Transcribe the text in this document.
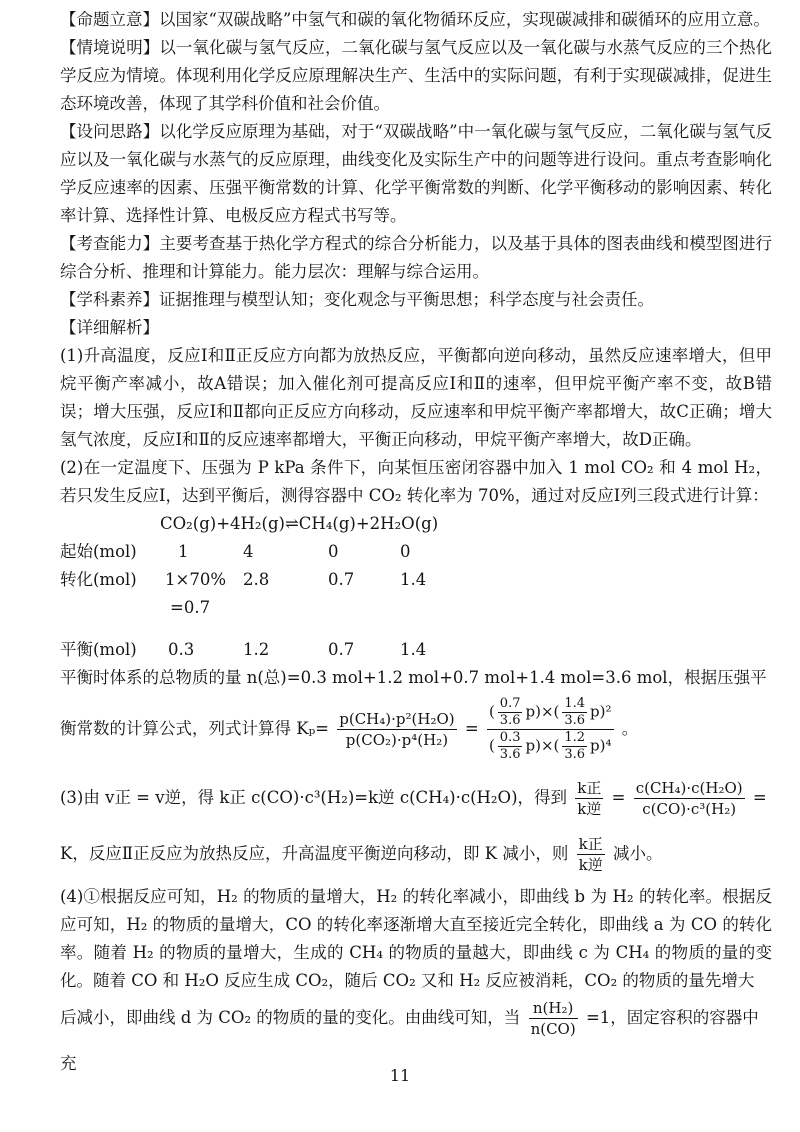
【命题立意】以国家“双碳战略”中氢气和碳的氧化物循环反应，实现碳减排和碳循环的应用立意。

【情境说明】以一氧化碳与氢气反应，二氧化碳与氢气反应以及一氧化碳与水蒸气反应的三个热化学反应为情境。体现利用化学反应原理解决生产、生活中的实际问题，有利于实现碳减排，促进生态环境改善，体现了其学科价值和社会价值。

【设问思路】以化学反应原理为基础，对于“双碳战略”中一氧化碳与氢气反应，二氧化碳与氢气反应以及一氧化碳与水蒸气的反应原理，曲线变化及实际生产中的问题等进行设问。重点考查影响化学反应速率的因素、压强平衡常数的计算、化学平衡常数的判断、化学平衡移动的影响因素、转化率计算、选择性计算、电极反应方程式书写等。

【考查能力】主要考查基于热化学方程式的综合分析能力，以及基于具体的图表曲线和模型图进行综合分析、推理和计算能力。能力层次：理解与综合运用。

【学科素养】证据推理与模型认知；变化观念与平衡思想；科学态度与社会责任。

【详细解析】

(1)升高温度，反应Ⅰ和Ⅱ正反应方向都为放热反应，平衡都向逆向移动，虽然反应速率增大，但甲烷平衡产率减小，故A错误；加入催化剂可提高反应Ⅰ和Ⅱ的速率，但甲烷平衡产率不变，故B错误；增大压强，反应Ⅰ和Ⅱ都向正反应方向移动，反应速率和甲烷平衡产率都增大，故C正确；增大氢气浓度，反应Ⅰ和Ⅱ的反应速率都增大，平衡正向移动，甲烷平衡产率增大，故D正确。

(2)在一定温度下、压强为 P kPa 条件下，向某恒压密闭容器中加入 1 mol CO₂ 和 4 mol H₂，若只发生反应Ⅰ，达到平衡后，测得容器中 CO₂ 转化率为 70%，通过对反应Ⅰ列三段式进行计算：

CO₂(g)+4H₂(g)⇌CH₄(g)+2H₂O(g)
起始(mol)	1	4	0	0
转化(mol) 1×70% 2.8	0.7	1.4
=0.7
平衡(mol) 0.3	1.2	0.7	1.4

平衡时体系的总物质的量 n(总)=0.3 mol+1.2 mol+0.7 mol+1.4 mol=3.6 mol，根据压强平

衡常数的计算公式，列式计算得 $K_p= \frac{\text{p(CH₄)·p²(H₂O)}}{\text{p(CO₂)·p⁴(H₂)}} = \frac{( \frac{0.7}{3.6} p)\times( \frac{1.4}{3.6} p)^2}{( \frac{0.3}{3.6} p)\times( \frac{1.2}{3.6} p)^4}$ 。
(3)由 v正 = v逆，得 k正 c(CO)·c³(H₂)=k逆 c(CH₄)·c(H₂O)，得到 $\frac{\text{k正}}{\text{k逆}} = \frac{\text{c(CH₄)·c(H₂O)}}{\text{c(CO)·c³(H₂)}}$ =
K，反应Ⅱ正反应为放热反应，升高温度平衡逆向移动，即 K 减小，则 $\frac{\text{k正}}{\text{k逆}}$ 减小。

(4)①根据反应可知，H₂ 的物质的量增大，H₂ 的转化率减小，即曲线 b 为 H₂ 的转化率。根据反应可知，H₂ 的物质的量增大，CO 的转化率逐渐增大直至接近完全转化，即曲线 a 为 CO 的转化率。随着 H₂ 的物质的量增大，生成的 CH₄ 的物质的量越大，即曲线 c 为 CH₄ 的物质的量的变化。随着 CO 和 H₂O 反应生成 CO₂，随后 CO₂ 又和 H₂ 反应被消耗，CO₂ 的物质的量先增大

后减小，即曲线 d 为 CO₂ 的物质的量的变化。由曲线可知，当 $\frac{\text{n(H₂)}}{n(CO)} =1$，固定容积的容器中充
11
